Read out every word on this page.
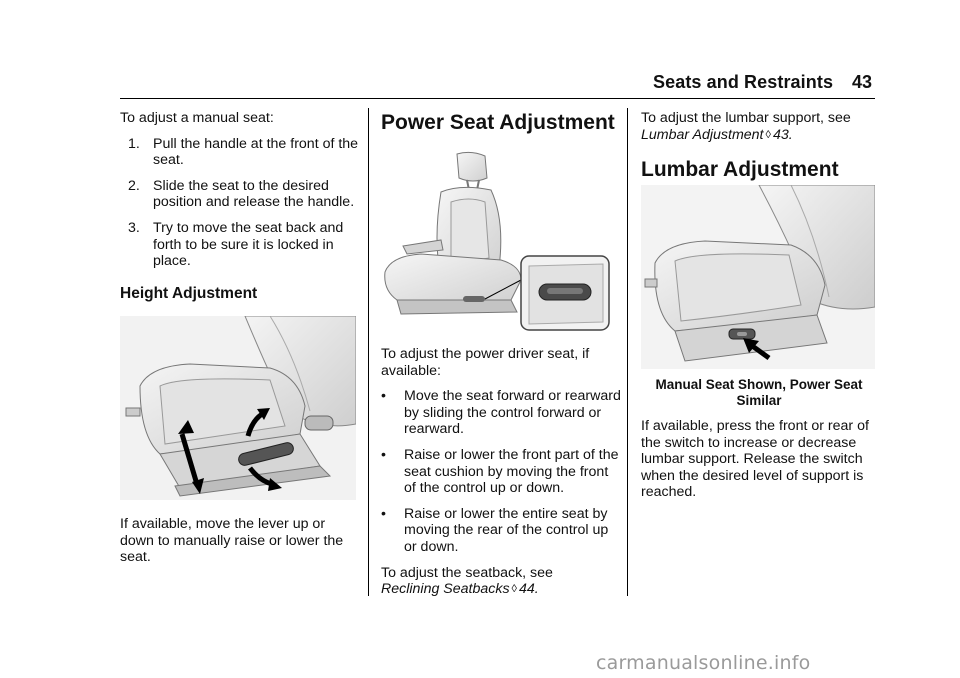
Seats and Restraints 43

To adjust a manual seat:

1. Pull the handle at the front of the seat.
2. Slide the seat to the desired position and release the handle.
3. Try to move the seat back and forth to be sure it is locked in place.
Height Adjustment

If available, move the lever up or down to manually raise or lower the seat.

Power Seat Adjustment

To adjust the power driver seat, if available:

• Move the seat forward or rearward by sliding the control forward or rearward.
• Raise or lower the front part of the seat cushion by moving the front of the control up or down.
• Raise or lower the entire seat by moving the rear of the control up or down.

To adjust the seatback, see
Reclining Seatbacks ◊ 44.

To adjust the lumbar support, see
Lumbar Adjustment ◊ 43.

Lumbar Adjustment

Manual Seat Shown, Power Seat Similar

If available, press the front or rear of the switch to increase or decrease lumbar support. Release the switch when the desired level of support is reached.

carmanualsonline.info
